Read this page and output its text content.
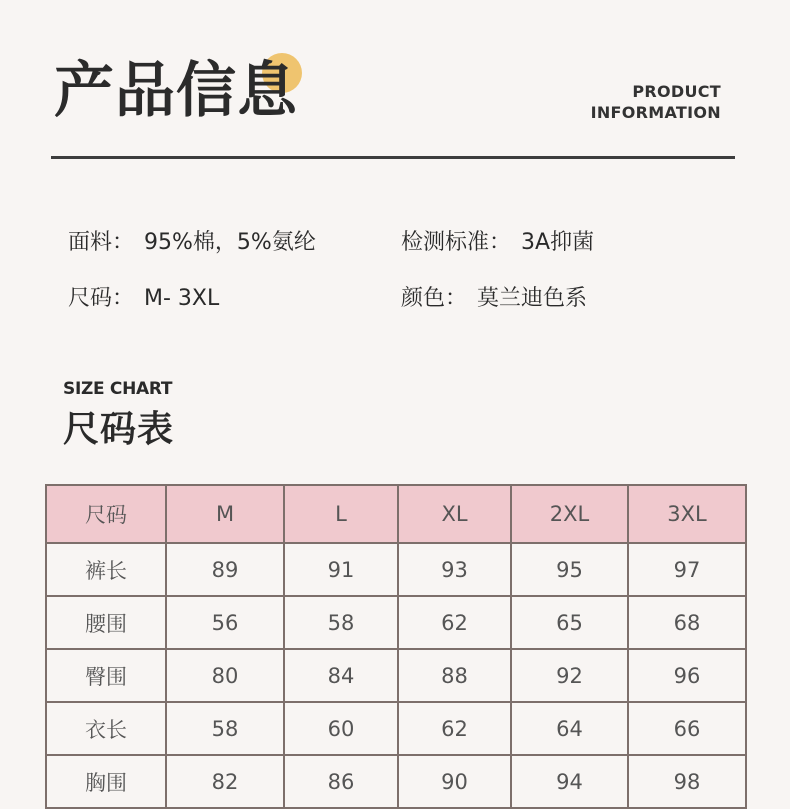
产品信息	PRODUCT
INFORMATION
面料： 95%棉，5%氨纶	检测标准： 3A抑菌
尺码： M- 3XL	颜色： 莫兰迪色系
SIZE CHART
尺码表
尺码	M	L	XL	2XL	3XL
裤长	89	91	93	95	97
腰围	56	58	62	65	68
臀围	80	84	88	92	96
衣长	58	60	62	64	66
胸围	82	86	90	94	98
